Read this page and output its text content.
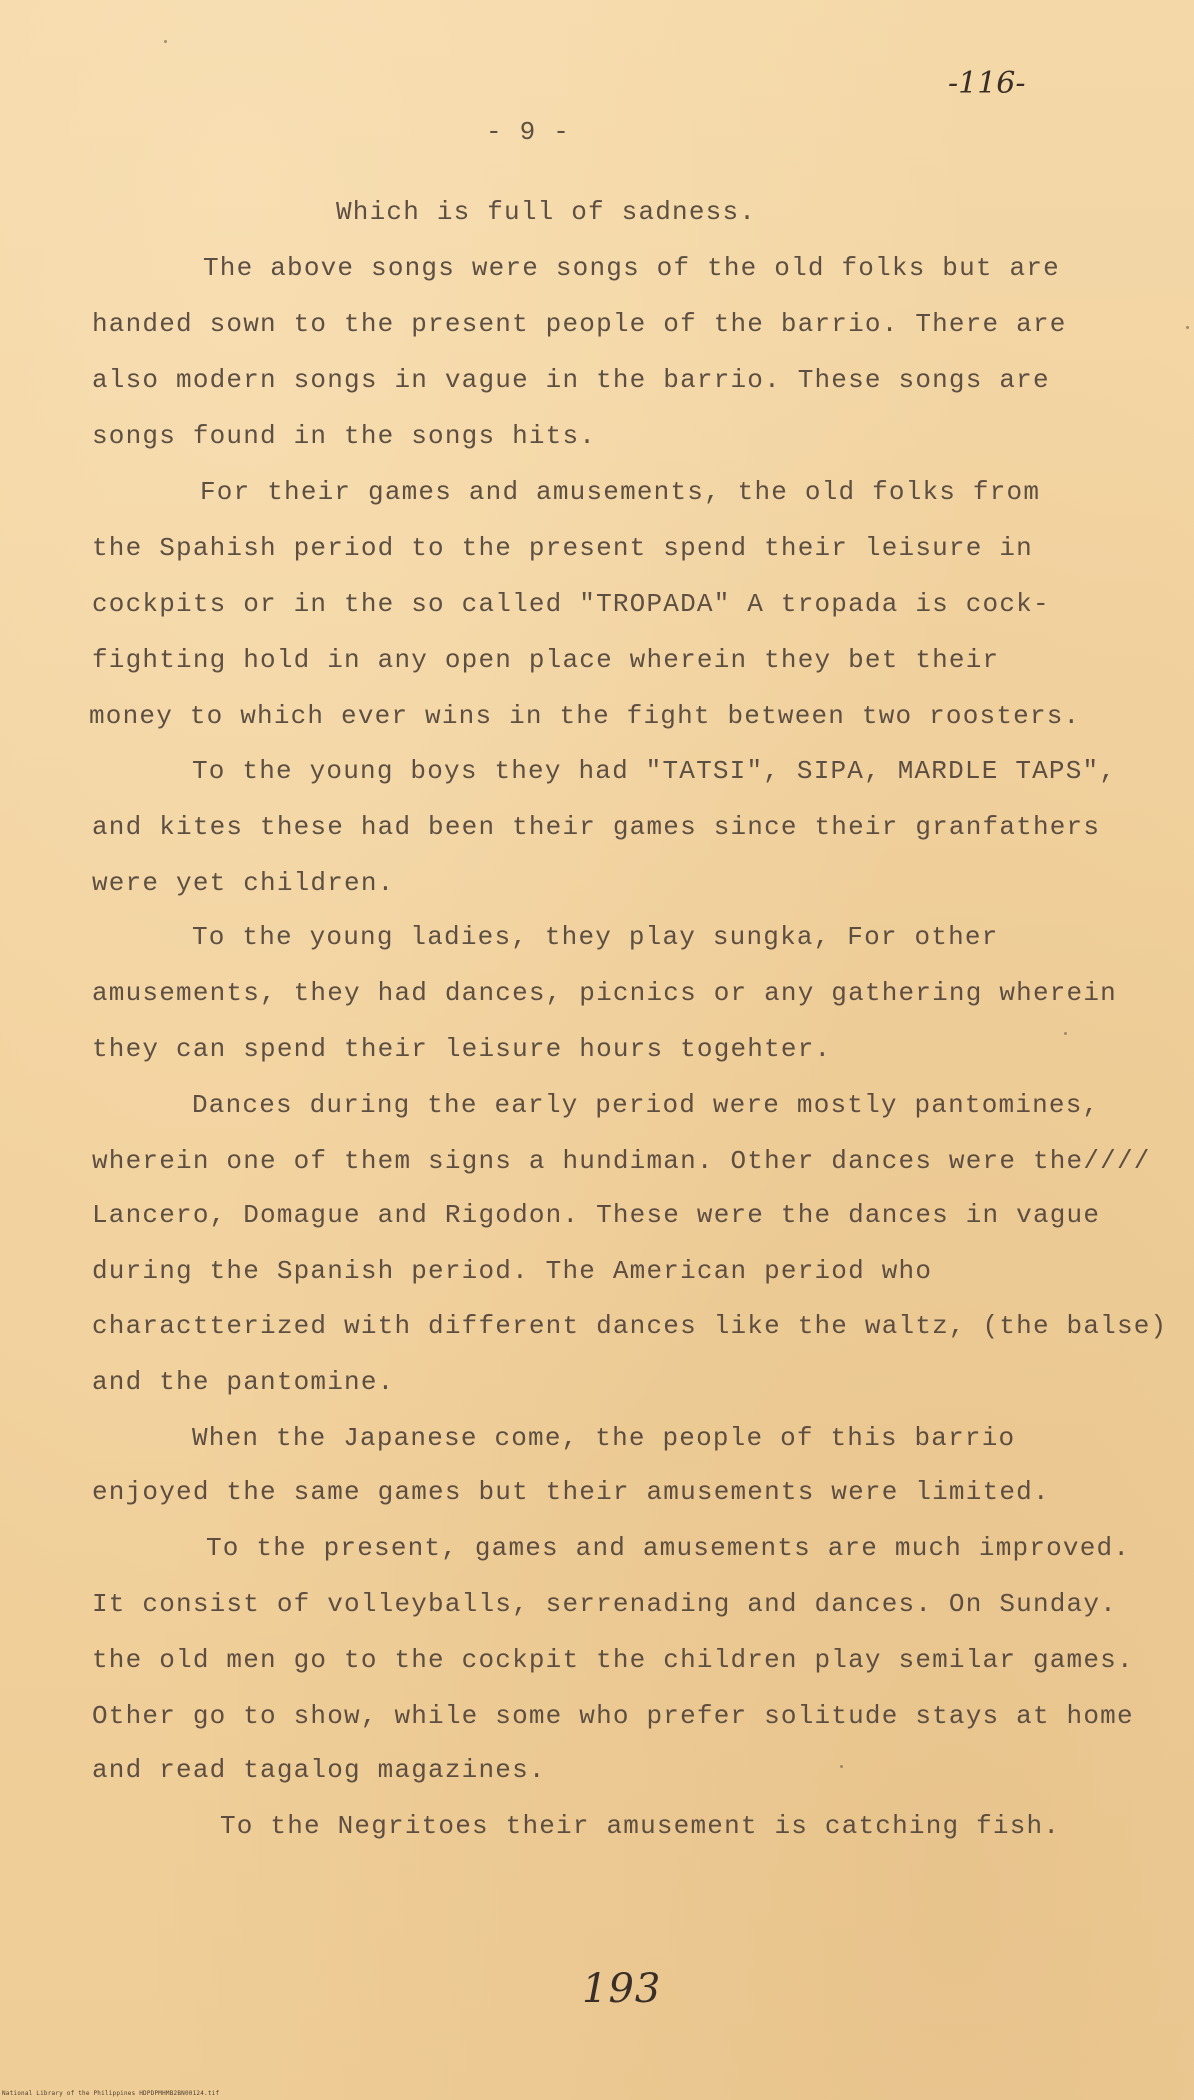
-116-
- 9 -
Which is full of sadness.
The above songs were songs of the old folks but are
handed sown to the present people of the barrio. There are
also modern songs in vague in the barrio. These songs are
songs found in the songs hits.
For their games and amusements, the old folks from
the Spahish period to the present spend their leisure in
cockpits or in the so called "TROPADA" A tropada is cock-
fighting hold in any open place wherein they bet their
money to which ever wins in the fight between two roosters.
To the young boys they had "TATSI", SIPA, MARDLE TAPS",
and kites these had been their games since their granfathers
were yet children.
To the young ladies, they play sungka, For other
amusements, they had dances, picnics or any gathering wherein
they can spend their leisure hours togehter.
Dances during the early period were mostly pantomines,
wherein one of them signs a hundiman. Other dances were the////
Lancero, Domague and Rigodon. These were the dances in vague
during the Spanish period. The American period who
charactterized with different dances like the waltz, (the balse)
and the pantomine.
When the Japanese come, the people of this barrio
enjoyed the same games but their amusements were limited.
To the present, games and amusements are much improved.
It consist of volleyballs, serrenading and dances. On Sunday.
the old men go to the cockpit the children play semilar games.
Other go to show, while some who prefer solitude stays at home
and read tagalog magazines.
To the Negritoes their amusement is catching fish.
193
National Library of the Philippines HDPDPMHMB2BN00124.tif
